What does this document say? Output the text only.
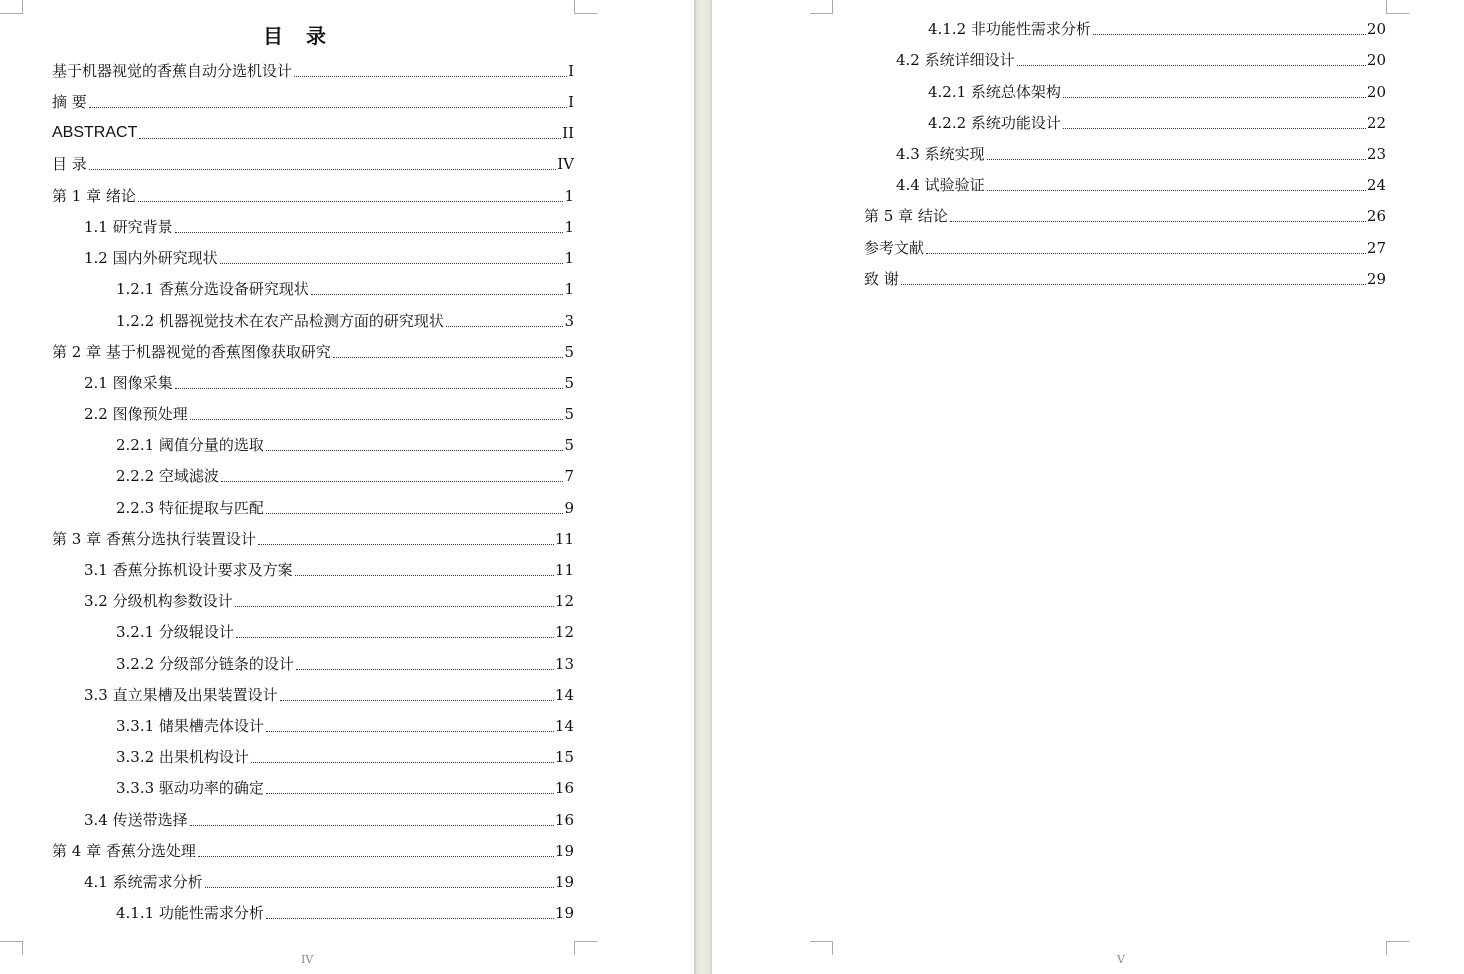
目 录
基于机器视觉的香蕉自动分选机设计	I
摘 要	I
ABSTRACT	II
目 录	IV
第 1 章 绪论	1
1.1 研究背景	1
1.2 国内外研究现状	1
1.2.1 香蕉分选设备研究现状	1
1.2.2 机器视觉技术在农产品检测方面的研究现状	3
第 2 章 基于机器视觉的香蕉图像获取研究	5
2.1 图像采集	5
2.2 图像预处理	5
2.2.1 阈值分量的选取	5
2.2.2 空域滤波	7
2.2.3 特征提取与匹配	9
第 3 章 香蕉分选执行装置设计	11
3.1 香蕉分拣机设计要求及方案	11
3.2 分级机构参数设计	12
3.2.1 分级辊设计	12
3.2.2 分级部分链条的设计	13
3.3 直立果槽及出果装置设计	14
3.3.1 储果槽壳体设计	14
3.3.2 出果机构设计	15
3.3.3 驱动功率的确定	16
3.4 传送带选择	16
第 4 章 香蕉分选处理	19
4.1 系统需求分析	19
4.1.1 功能性需求分析	19
IV
4.1.2 非功能性需求分析	20
4.2 系统详细设计	20
4.2.1 系统总体架构	20
4.2.2 系统功能设计	22
4.3 系统实现	23
4.4 试验验证	24
第 5 章 结论	26
参考文献	27
致 谢	29
V
